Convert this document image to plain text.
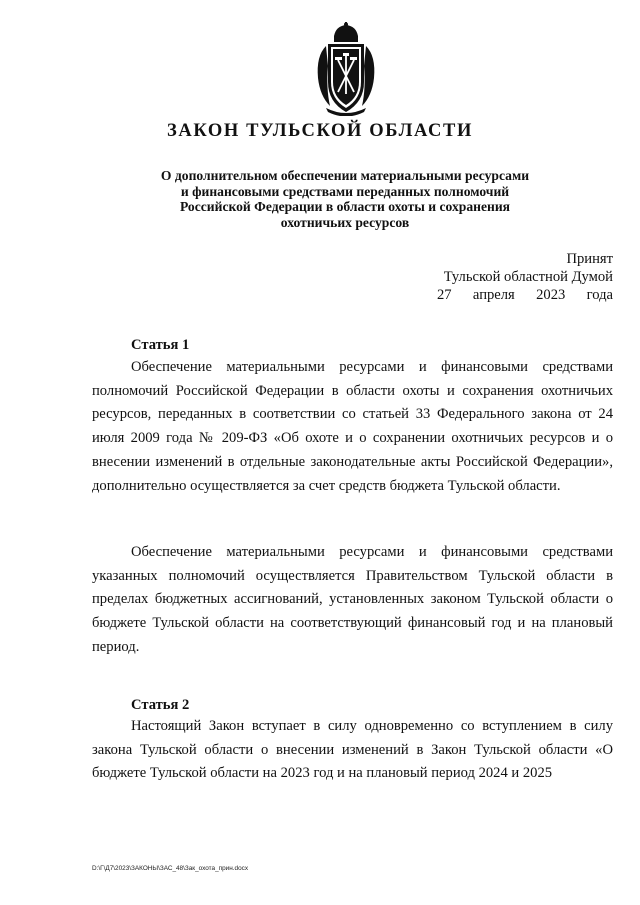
ЗАКОН ТУЛЬСКОЙ ОБЛАСТИ
О дополнительном обеспечении материальными ресурсами
и финансовыми средствами переданных полномочий
Российской Федерации в области охоты и сохранения
охотничьих ресурсов
Принят
Тульской областной Думой
27 апреля 2023 года
Статья 1

Обеспечение материальными ресурсами и финансовыми средствами полномочий Российской Федерации в области охоты и сохранения охотничьих ресурсов, переданных в соответствии со статьей 33 Федерального закона от 24 июля 2009 года № 209-ФЗ «Об охоте и о сохранении охотничьих ресурсов и о внесении изменений в отдельные законодательные акты Российской Федерации», дополнительно осуществляется за счет средств бюджета Тульской области.

Обеспечение материальными ресурсами и финансовыми средствами указанных полномочий осуществляется Правительством Тульской области в пределах бюджетных ассигнований, установленных законом Тульской области о бюджете Тульской области на соответствующий финансовый год и на плановый период.

Статья 2

Настоящий Закон вступает в силу одновременно со вступлением в силу закона Тульской области о внесении изменений в Закон Тульской области «О бюджете Тульской области на 2023 год и на плановый период 2024 и 2025

D:\Г\Д7\2023\ЗАКОНЫ\ЗАС_48\Зак_охота_прин.docx
